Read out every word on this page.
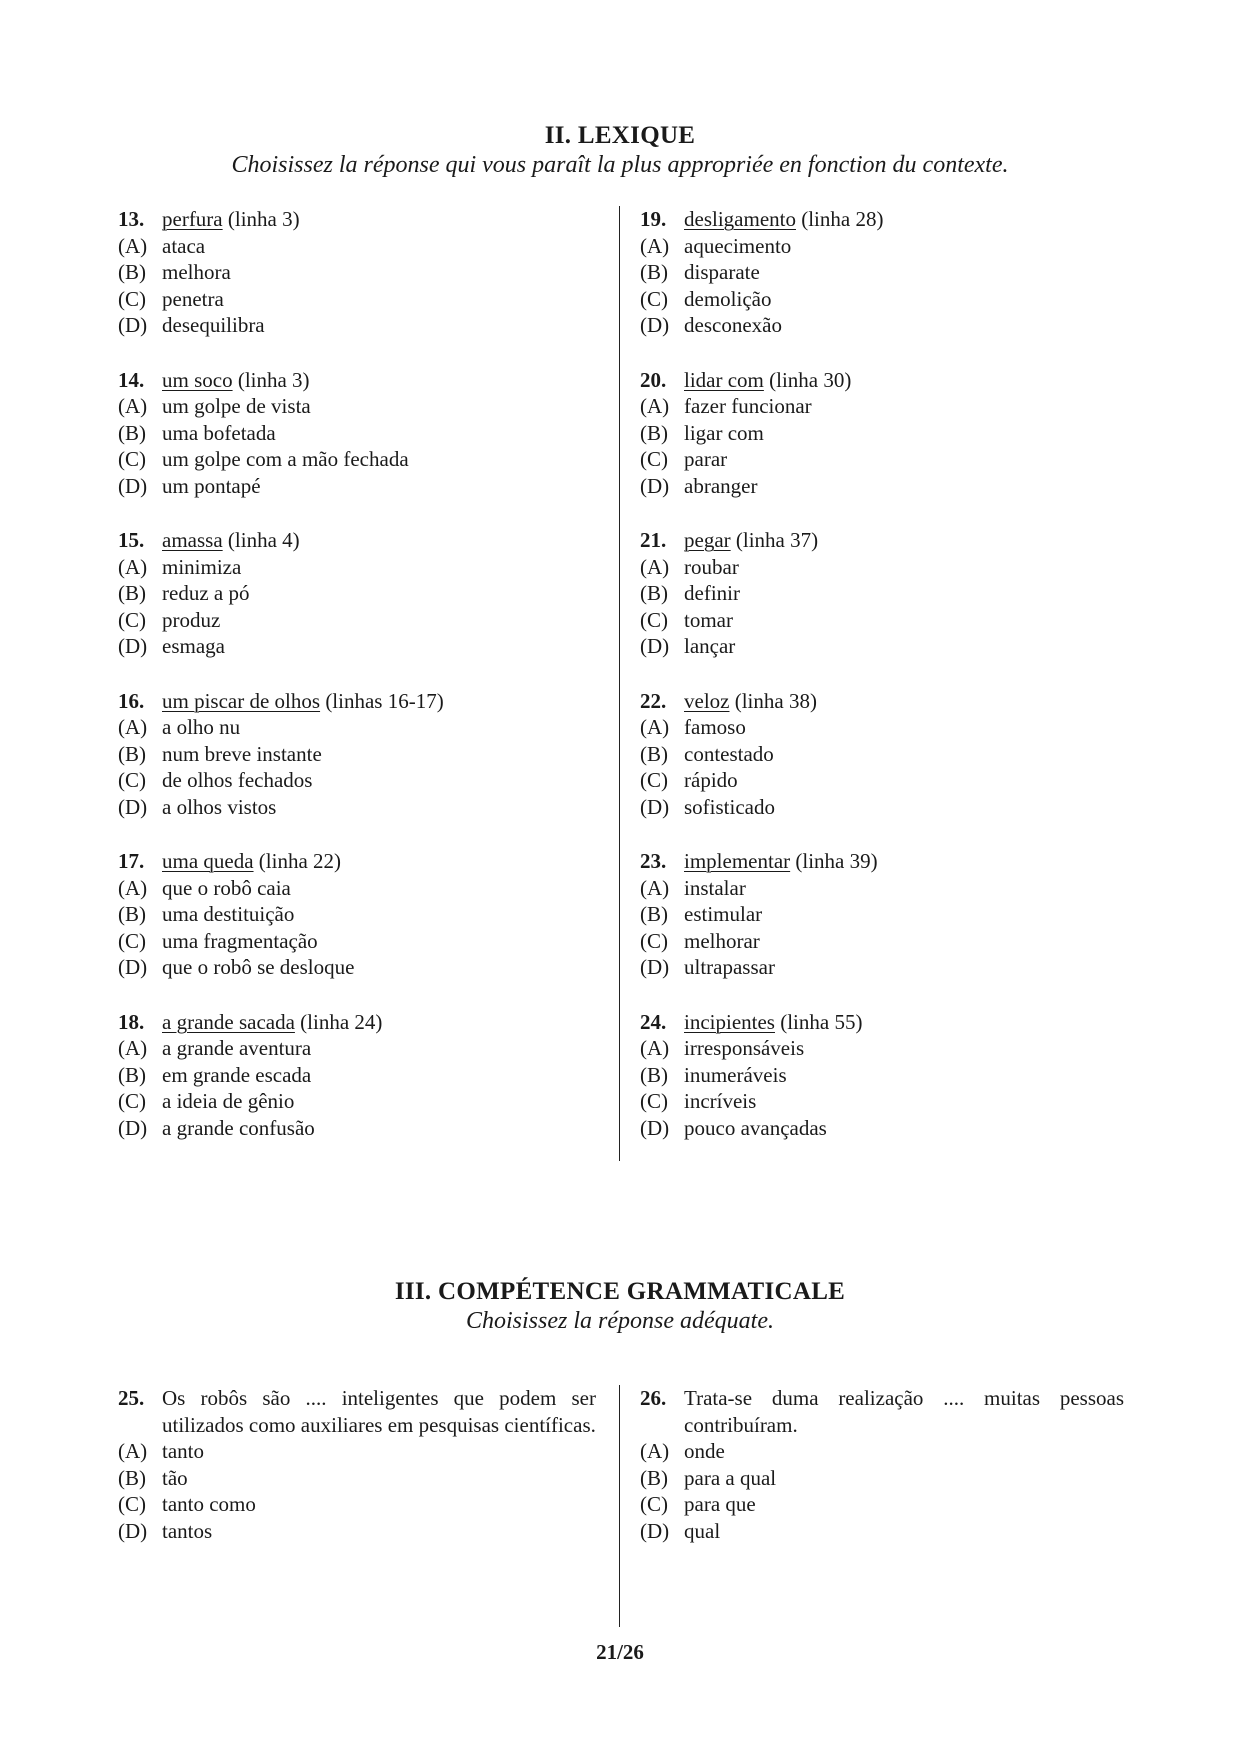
II. LEXIQUE
Choisissez la réponse qui vous paraît la plus appropriée en fonction du contexte.
13. perfura (linha 3)
(A) ataca
(B) melhora
(C) penetra
(D) desequilibra
14. um soco (linha 3)
(A) um golpe de vista
(B) uma bofetada
(C) um golpe com a mão fechada
(D) um pontapé
15. amassa (linha 4)
(A) minimiza
(B) reduz a pó
(C) produz
(D) esmaga
16. um piscar de olhos (linhas 16-17)
(A) a olho nu
(B) num breve instante
(C) de olhos fechados
(D) a olhos vistos
17. uma queda (linha 22)
(A) que o robô caia
(B) uma destituição
(C) uma fragmentação
(D) que o robô se desloque
18. a grande sacada (linha 24)
(A) a grande aventura
(B) em grande escada
(C) a ideia de gênio
(D) a grande confusão
19. desligamento (linha 28)
(A) aquecimento
(B) disparate
(C) demolição
(D) desconexão
20. lidar com (linha 30)
(A) fazer funcionar
(B) ligar com
(C) parar
(D) abranger
21. pegar (linha 37)
(A) roubar
(B) definir
(C) tomar
(D) lançar
22. veloz (linha 38)
(A) famoso
(B) contestado
(C) rápido
(D) sofisticado
23. implementar (linha 39)
(A) instalar
(B) estimular
(C) melhorar
(D) ultrapassar
24. incipientes (linha 55)
(A) irresponsáveis
(B) inumeráveis
(C) incríveis
(D) pouco avançadas
III. COMPÉTENCE GRAMMATICALE
Choisissez la réponse adéquate.
25. Os robôs são .... inteligentes que podem ser utilizados como auxiliares em pesquisas científicas.
(A) tanto
(B) tão
(C) tanto como
(D) tantos
26. Trata-se duma realização .... muitas pessoas contribuíram.
(A) onde
(B) para a qual
(C) para que
(D) qual
21/26
